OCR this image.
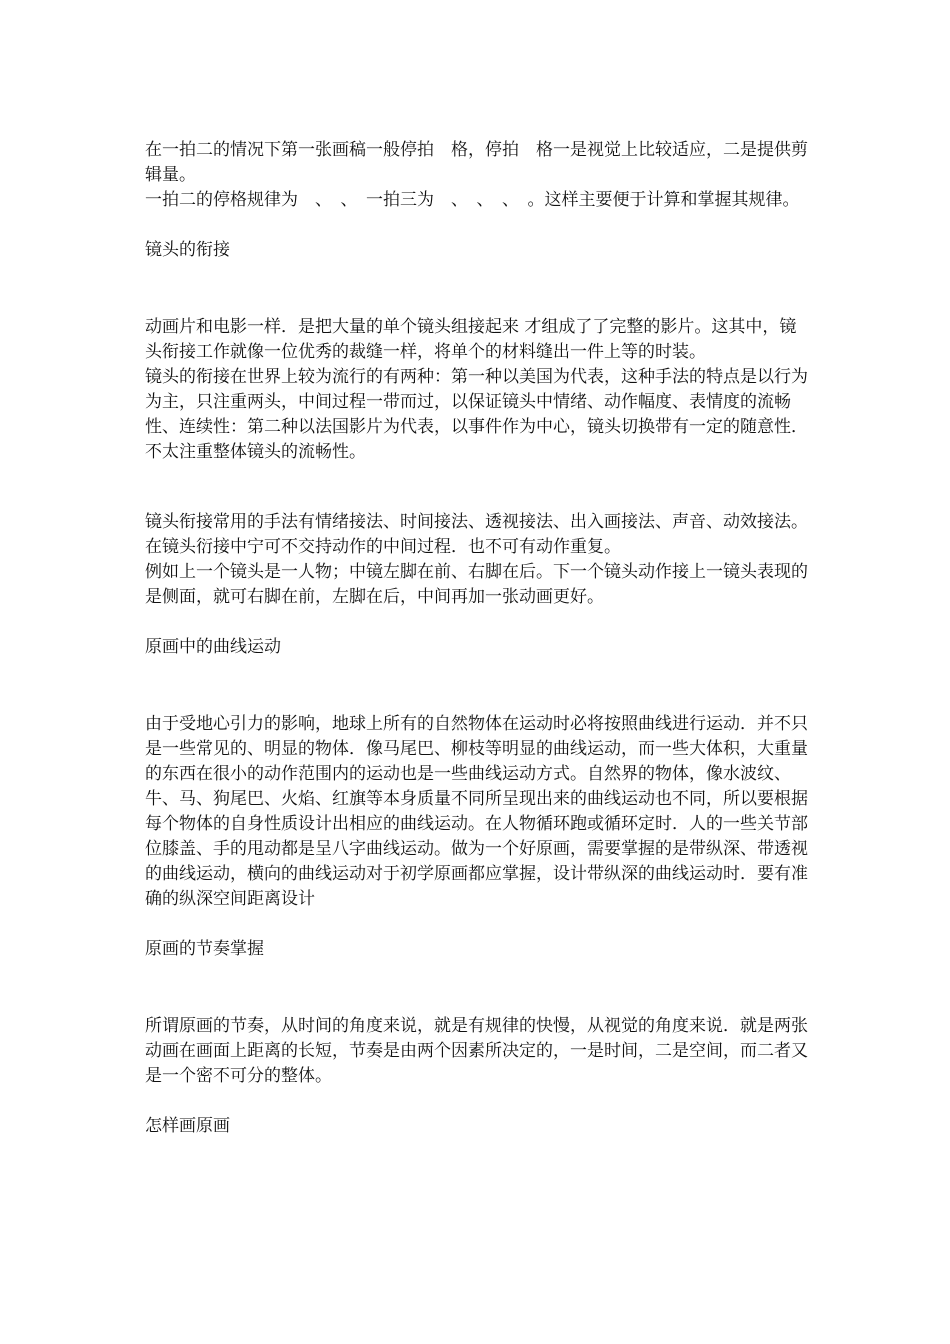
在一拍二的情况下第一张画稿一般停拍　格，停拍　格一是视觉上比较适应，二是提供剪辑量。

一拍二的停格规律为　、　、　一拍三为　、　、　、　。这样主要便于计算和掌握其规律。

镜头的衔接

动画片和电影一样．是把大量的单个镜头组接起来 才组成了了完整的影片。这其中，镜头衔接工作就像一位优秀的裁缝一样，将单个的材料缝出一件上等的时装。

镜头的衔接在世界上较为流行的有两种：第一种以美国为代表，这种手法的特点是以行为为主，只注重两头，中间过程一带而过，以保证镜头中情绪、动作幅度、表情度的流畅性、连续性：第二种以法国影片为代表，以事件作为中心，镜头切换带有一定的随意性．不太注重整体镜头的流畅性。

镜头衔接常用的手法有情绪接法、时间接法、透视接法、出入画接法、声音、动效接法。在镜头衍接中宁可不交持动作的中间过程．也不可有动作重复。

例如上一个镜头是一人物；中镜左脚在前、右脚在后。下一个镜头动作接上一镜头表现的是侧面，就可右脚在前，左脚在后，中间再加一张动画更好。

原画中的曲线运动

由于受地心引力的影响，地球上所有的自然物体在运动时必将按照曲线进行运动．并不只是一些常见的、明显的物体．像马尾巴、柳枝等明显的曲线运动，而一些大体积，大重量的东西在很小的动作范围内的运动也是一些曲线运动方式。自然界的物体，像水波纹、牛、马、狗尾巴、火焰、红旗等本身质量不同所呈现出来的曲线运动也不同，所以要根据每个物体的自身性质设计出相应的曲线运动。在人物循环跑或循环定时．人的一些关节部位膝盖、手的甩动都是呈八字曲线运动。做为一个好原画，需要掌握的是带纵深、带透视的曲线运动，横向的曲线运动对于初学原画都应掌握，设计带纵深的曲线运动时．要有准确的纵深空间距离设计

原画的节奏掌握

所谓原画的节奏，从时间的角度来说，就是有规律的快慢，从视觉的角度来说．就是两张动画在画面上距离的长短，节奏是由两个因素所决定的，一是时间，二是空间，而二者又是一个密不可分的整体。

怎样画原画
